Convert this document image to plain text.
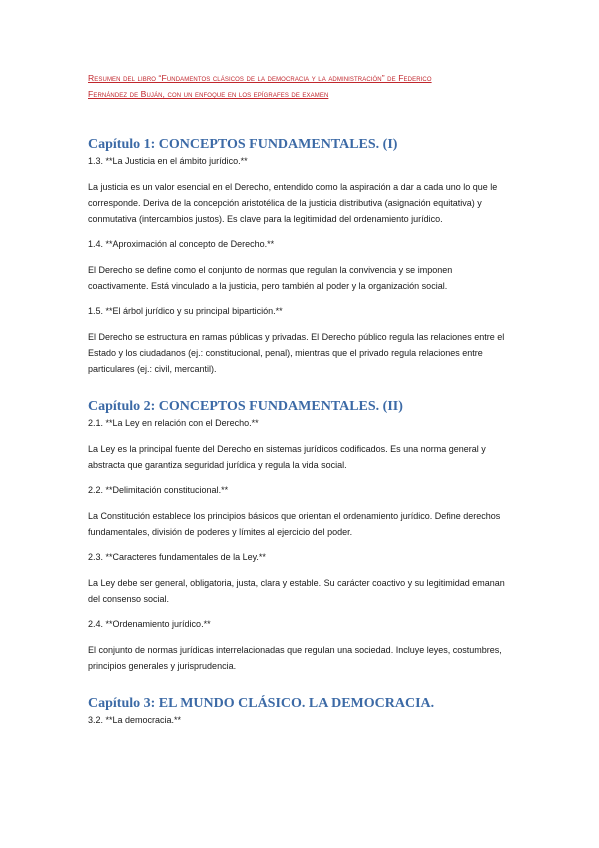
Resumen del libro “Fundamentos clásicos de la democracia y la administración” de Federico
Fernández de Buján, con un enfoque en los epígrafes de examen
Capítulo 1: CONCEPTOS FUNDAMENTALES. (I)
1.3. **La Justicia en el ámbito jurídico.**

La justicia es un valor esencial en el Derecho, entendido como la aspiración a dar a cada uno lo que le corresponde. Deriva de la concepción aristotélica de la justicia distributiva (asignación equitativa) y conmutativa (intercambios justos). Es clave para la legitimidad del ordenamiento jurídico.

1.4. **Aproximación al concepto de Derecho.**

El Derecho se define como el conjunto de normas que regulan la convivencia y se imponen coactivamente. Está vinculado a la justicia, pero también al poder y la organización social.

1.5. **El árbol jurídico y su principal bipartición.**

El Derecho se estructura en ramas públicas y privadas. El Derecho público regula las relaciones entre el Estado y los ciudadanos (ej.: constitucional, penal), mientras que el privado regula relaciones entre particulares (ej.: civil, mercantil).

Capítulo 2: CONCEPTOS FUNDAMENTALES. (II)
2.1. **La Ley en relación con el Derecho.**

La Ley es la principal fuente del Derecho en sistemas jurídicos codificados. Es una norma general y abstracta que garantiza seguridad jurídica y regula la vida social.

2.2. **Delimitación constitucional.**

La Constitución establece los principios básicos que orientan el ordenamiento jurídico. Define derechos fundamentales, división de poderes y límites al ejercicio del poder.

2.3. **Caracteres fundamentales de la Ley.**

La Ley debe ser general, obligatoria, justa, clara y estable. Su carácter coactivo y su legitimidad emanan del consenso social.

2.4. **Ordenamiento jurídico.**

El conjunto de normas jurídicas interrelacionadas que regulan una sociedad. Incluye leyes, costumbres, principios generales y jurisprudencia.

Capítulo 3: EL MUNDO CLÁSICO. LA DEMOCRACIA.
3.2. **La democracia.**
